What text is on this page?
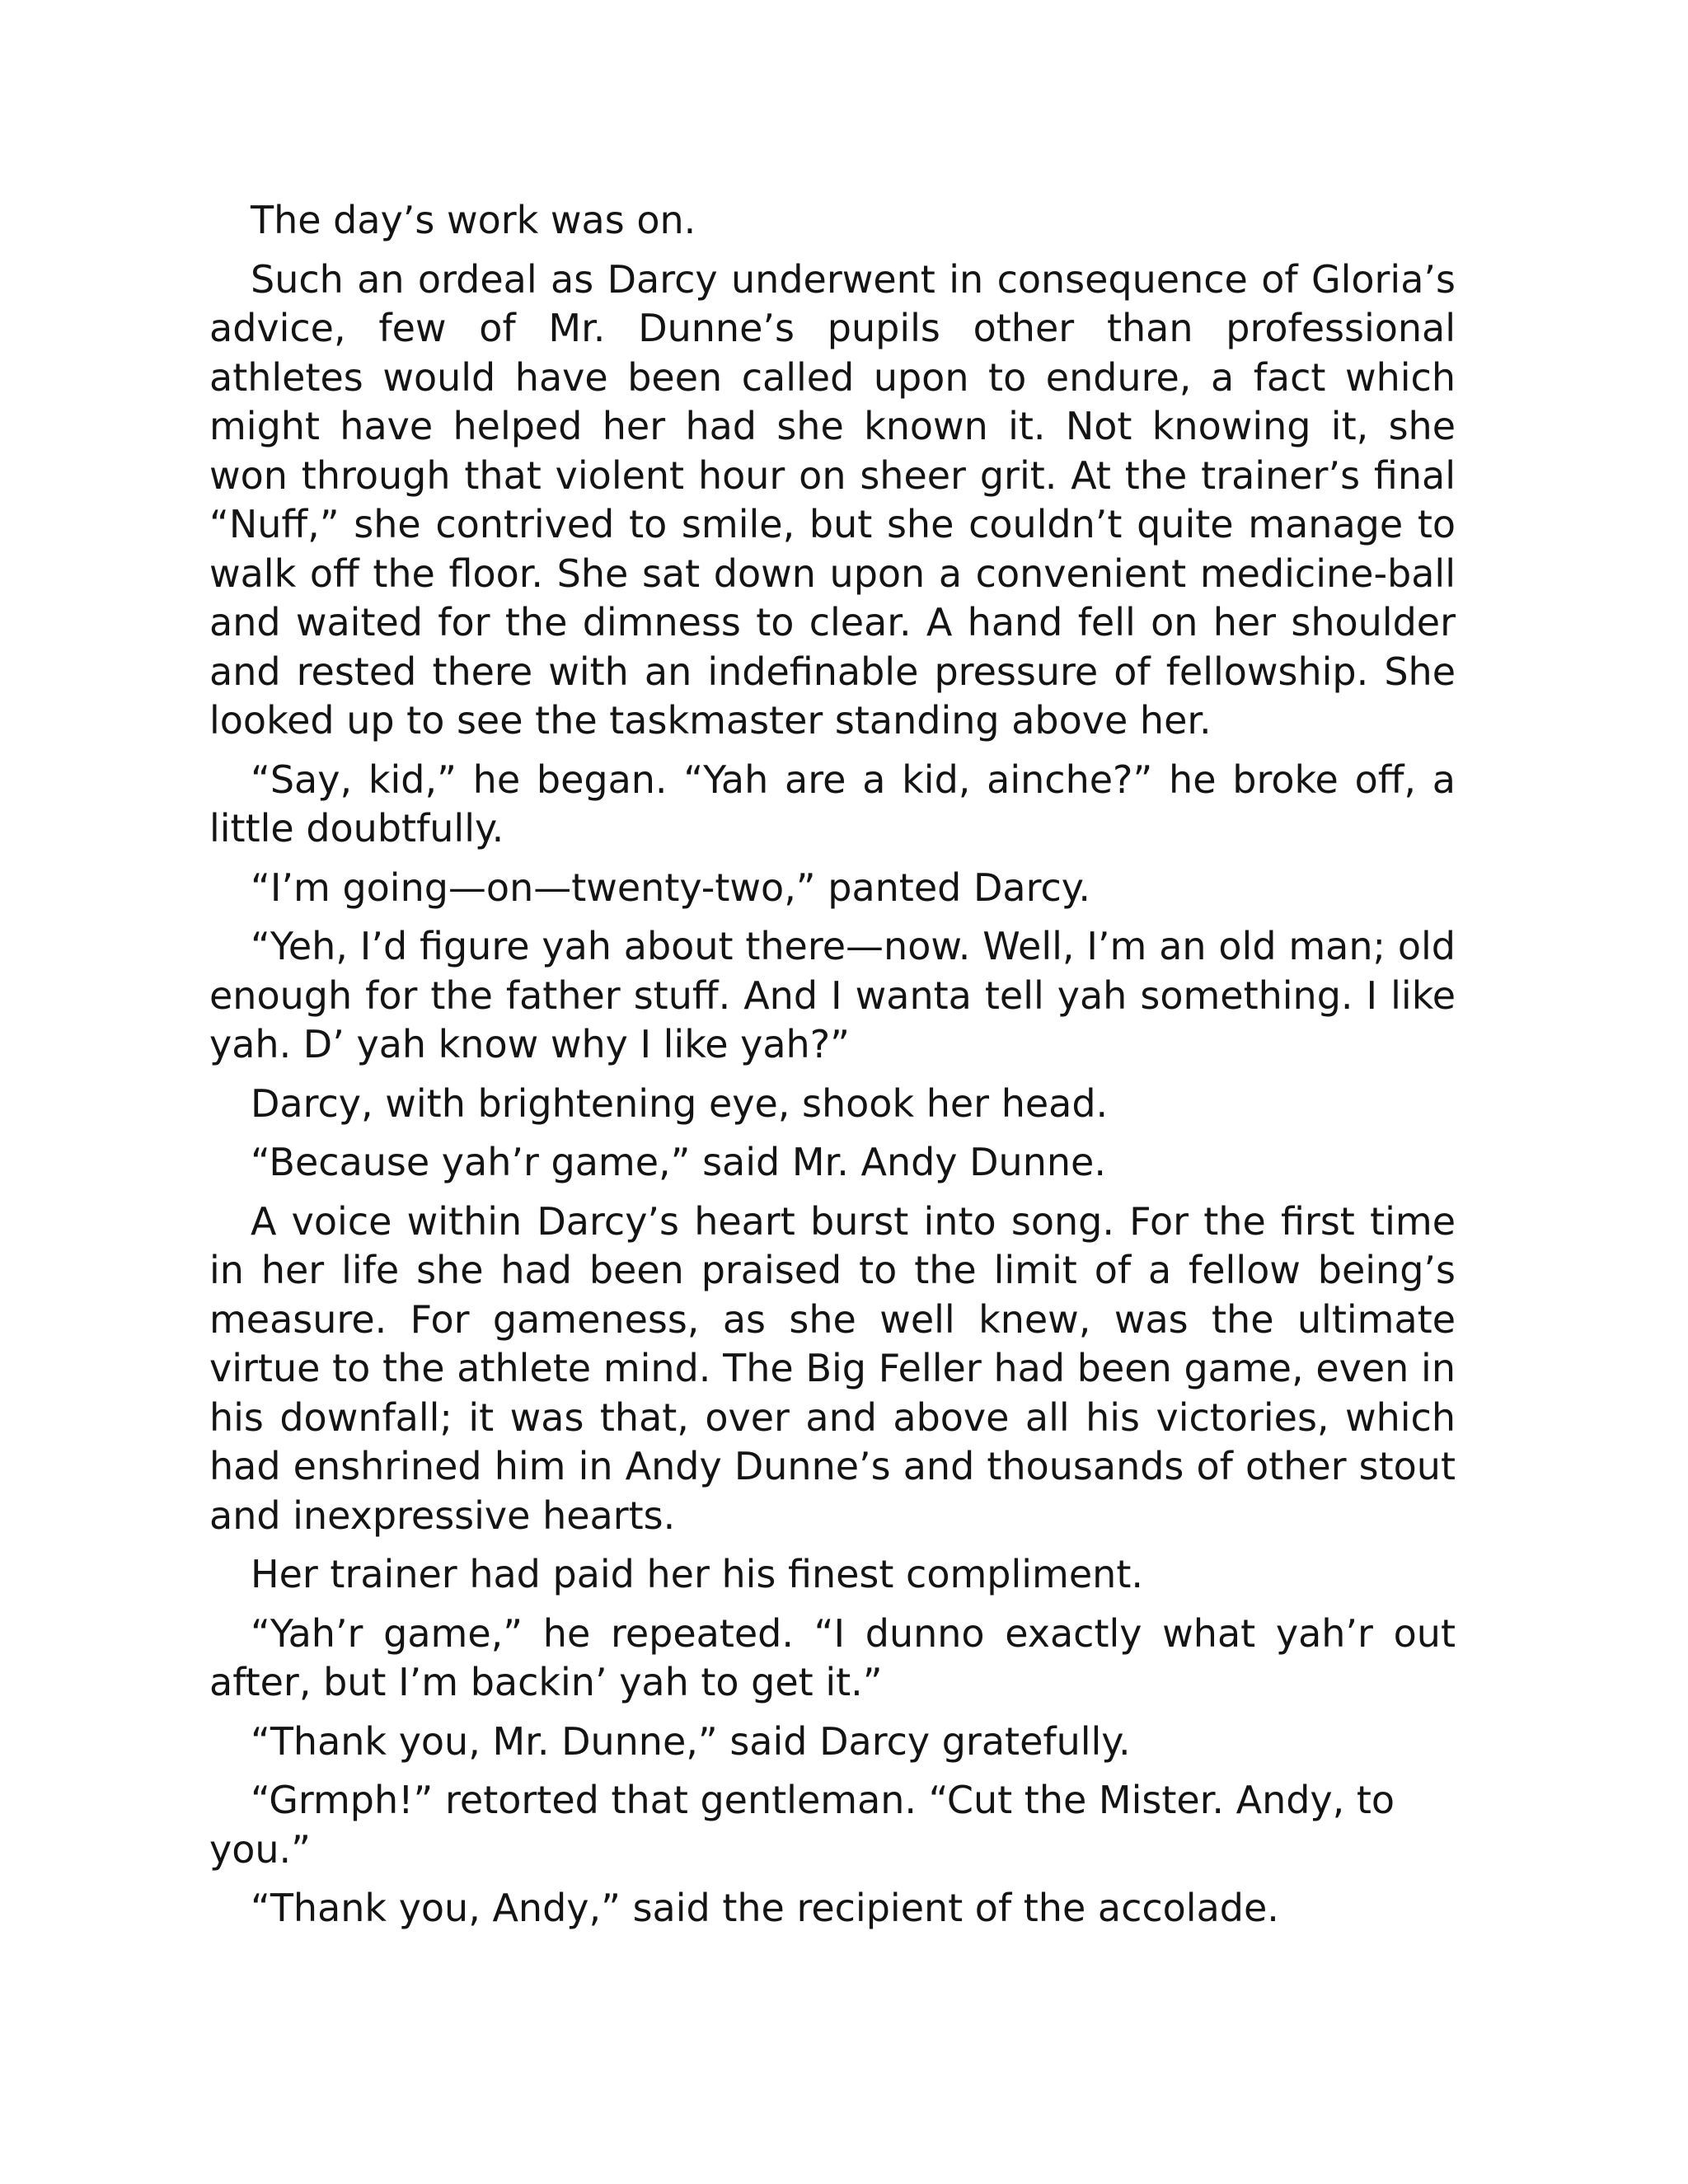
The day’s work was on.

Such an ordeal as Darcy underwent in consequence of Gloria’s advice, few of Mr. Dunne’s pupils other than professional athletes would have been called upon to endure, a fact which might have helped her had she known it. Not knowing it, she won through that violent hour on sheer grit. At the trainer’s final “Nuff,” she contrived to smile, but she couldn’t quite manage to walk off the floor. She sat down upon a convenient medicine-ball and waited for the dimness to clear. A hand fell on her shoulder and rested there with an indefinable pressure of fellowship. She looked up to see the taskmaster standing above her.

“Say, kid,” he began. “Yah are a kid, ainche?” he broke off, a little doubtfully.

“I’m going—on—twenty-two,” panted Darcy.

“Yeh, I’d figure yah about there—now. Well, I’m an old man; old enough for the father stuff. And I wanta tell yah something. I like yah. D’ yah know why I like yah?”

Darcy, with brightening eye, shook her head.

“Because yah’r game,” said Mr. Andy Dunne.

A voice within Darcy’s heart burst into song. For the first time in her life she had been praised to the limit of a fellow being’s measure. For gameness, as she well knew, was the ultimate virtue to the athlete mind. The Big Feller had been game, even in his downfall; it was that, over and above all his victories, which had enshrined him in Andy Dunne’s and thousands of other stout and inexpressive hearts.

Her trainer had paid her his finest compliment.

“Yah’r game,” he repeated. “I dunno exactly what yah’r out after, but I’m backin’ yah to get it.”

“Thank you, Mr. Dunne,” said Darcy gratefully.

“Grmph!” retorted that gentleman. “Cut the Mister. Andy, to you.”

“Thank you, Andy,” said the recipient of the accolade.
